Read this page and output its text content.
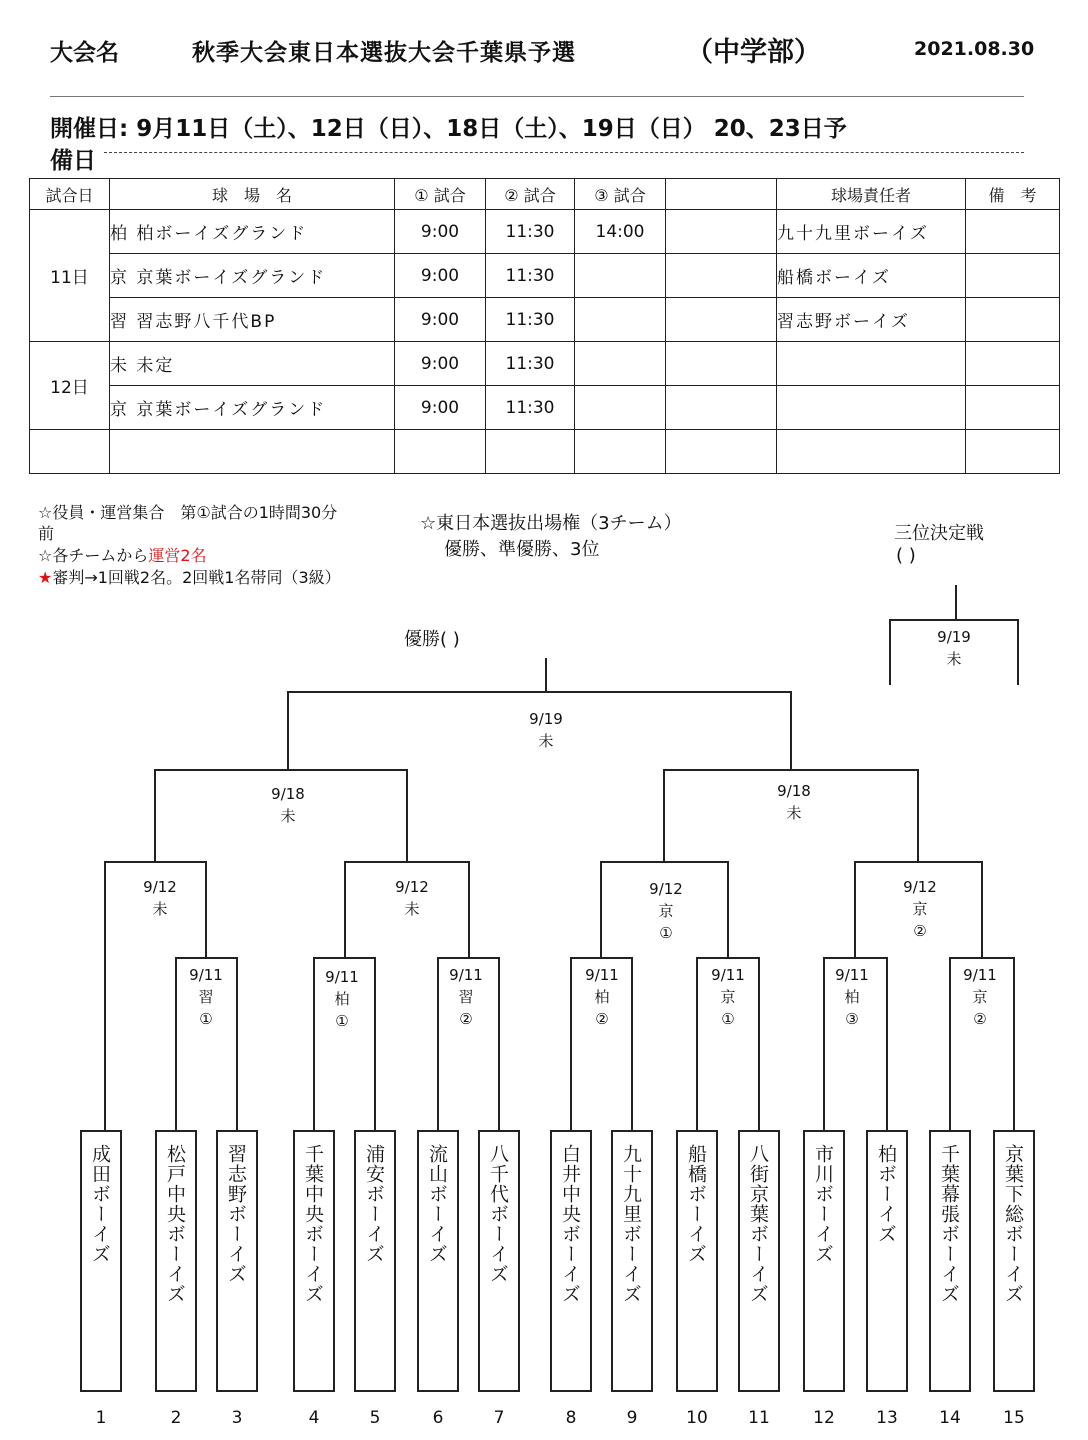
大会名	秋季大会東日本選抜大会千葉県予選	（中学部）	2021.08.30
開催日: 9月11日（土）、12日（日）、18日（土）、19日（日） 20、23日予
備日
試合日	球　場　名	① 試合	② 試合	③ 試合		球場責任者	備　考
11日	柏 柏ボーイズグランド	9:00	11:30	14:00		九十九里ボーイズ	
	京 京葉ボーイズグランド	9:00	11:30			船橋ボーイズ	
	習 習志野八千代BP	9:00	11:30			習志野ボーイズ	
12日	未 未定	9:00	11:30				
	京 京葉ボーイズグランド	9:00	11:30				

☆役員・運営集合　第①試合の1時間30分
前
☆各チームから運営2名
★審判→1回戦2名。2回戦1名帯同（3級）
☆東日本選抜出場権（3チーム）
優勝、準優勝、3位
三位決定戦
( )
優勝( )
9/19
未
9/19
未
9/18
未
9/18
未
9/12
未
9/12
未
9/12
京
①
9/12
京
②
9/11
習
①
9/11
柏
①
9/11
習
②
9/11
柏
②
9/11
京
①
9/11
柏
③
9/11
京
②
成田ボーイズ	松戸中央ボーイズ	習志野ボーイズ	千葉中央ボーイズ	浦安ボーイズ	流山ボーイズ	八千代ボーイズ	白井中央ボーイズ	九十九里ボーイズ	船橋ボーイズ	八街京葉ボーイズ	市川ボーイズ	柏ボーイズ	千葉幕張ボーイズ	京葉下総ボーイズ
1	2	3	4	5	6	7	8	9	10	11	12	13	14	15
